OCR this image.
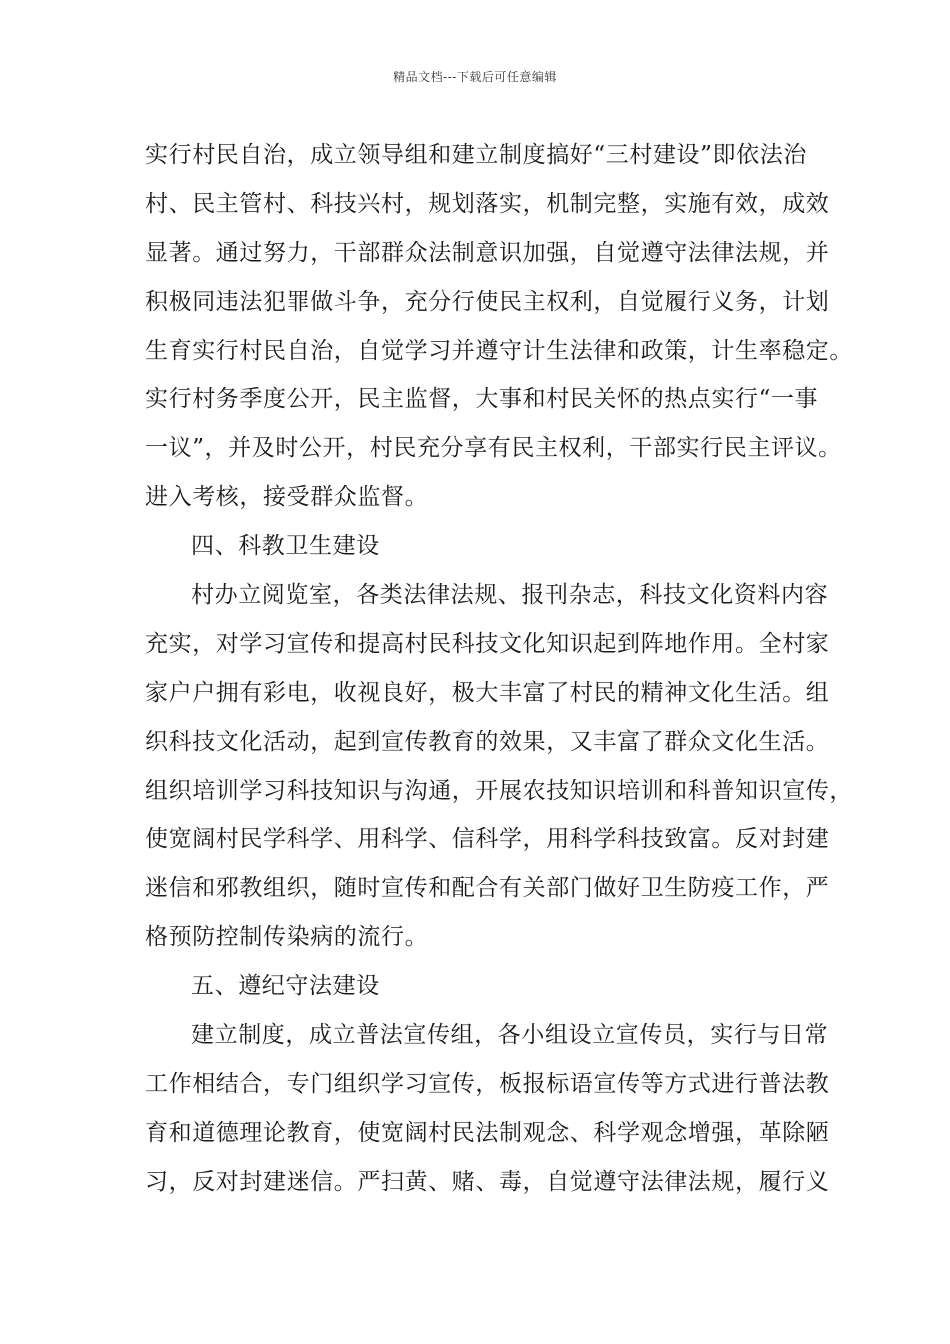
精品文档---下载后可任意编辑
实行村民自治，成立领导组和建立制度搞好“三村建设”即依法治
村、民主管村、科技兴村，规划落实，机制完整，实施有效，成效
显著。通过努力，干部群众法制意识加强，自觉遵守法律法规，并
积极同违法犯罪做斗争，充分行使民主权利，自觉履行义务，计划
生育实行村民自治，自觉学习并遵守计生法律和政策，计生率稳定。
实行村务季度公开，民主监督，大事和村民关怀的热点实行“一事
一议”，并及时公开，村民充分享有民主权利，干部实行民主评议。
进入考核，接受群众监督。
四、科教卫生建设
村办立阅览室，各类法律法规、报刊杂志，科技文化资料内容
充实，对学习宣传和提高村民科技文化知识起到阵地作用。全村家
家户户拥有彩电，收视良好，极大丰富了村民的精神文化生活。组
织科技文化活动，起到宣传教育的效果，又丰富了群众文化生活。
组织培训学习科技知识与沟通，开展农技知识培训和科普知识宣传，
使宽阔村民学科学、用科学、信科学，用科学科技致富。反对封建
迷信和邪教组织，随时宣传和配合有关部门做好卫生防疫工作，严
格预防控制传染病的流行。
五、遵纪守法建设
建立制度，成立普法宣传组，各小组设立宣传员，实行与日常
工作相结合，专门组织学习宣传，板报标语宣传等方式进行普法教
育和道德理论教育，使宽阔村民法制观念、科学观念增强，革除陋
习，反对封建迷信。严扫黄、赌、毒，自觉遵守法律法规，履行义
